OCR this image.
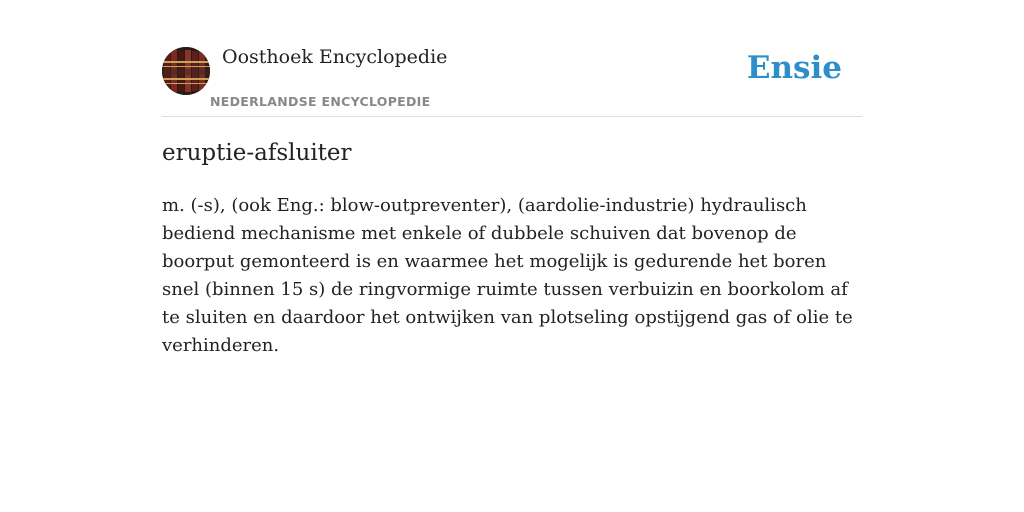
Oosthoek Encyclopedie
NEDERLANDSE ENCYCLOPEDIE
Ensie
eruptie-afsluiter

m. (-s), (ook Eng.: blow-outpreventer), (aardolie-industrie) hydraulisch bediend mechanisme met enkele of dubbele schuiven dat bovenop de boorput gemonteerd is en waarmee het mogelijk is gedurende het boren snel (binnen 15 s) de ringvormige ruimte tussen verbuizin en boorkolom af te sluiten en daardoor het ontwijken van plotseling opstijgend gas of olie te verhinderen.
